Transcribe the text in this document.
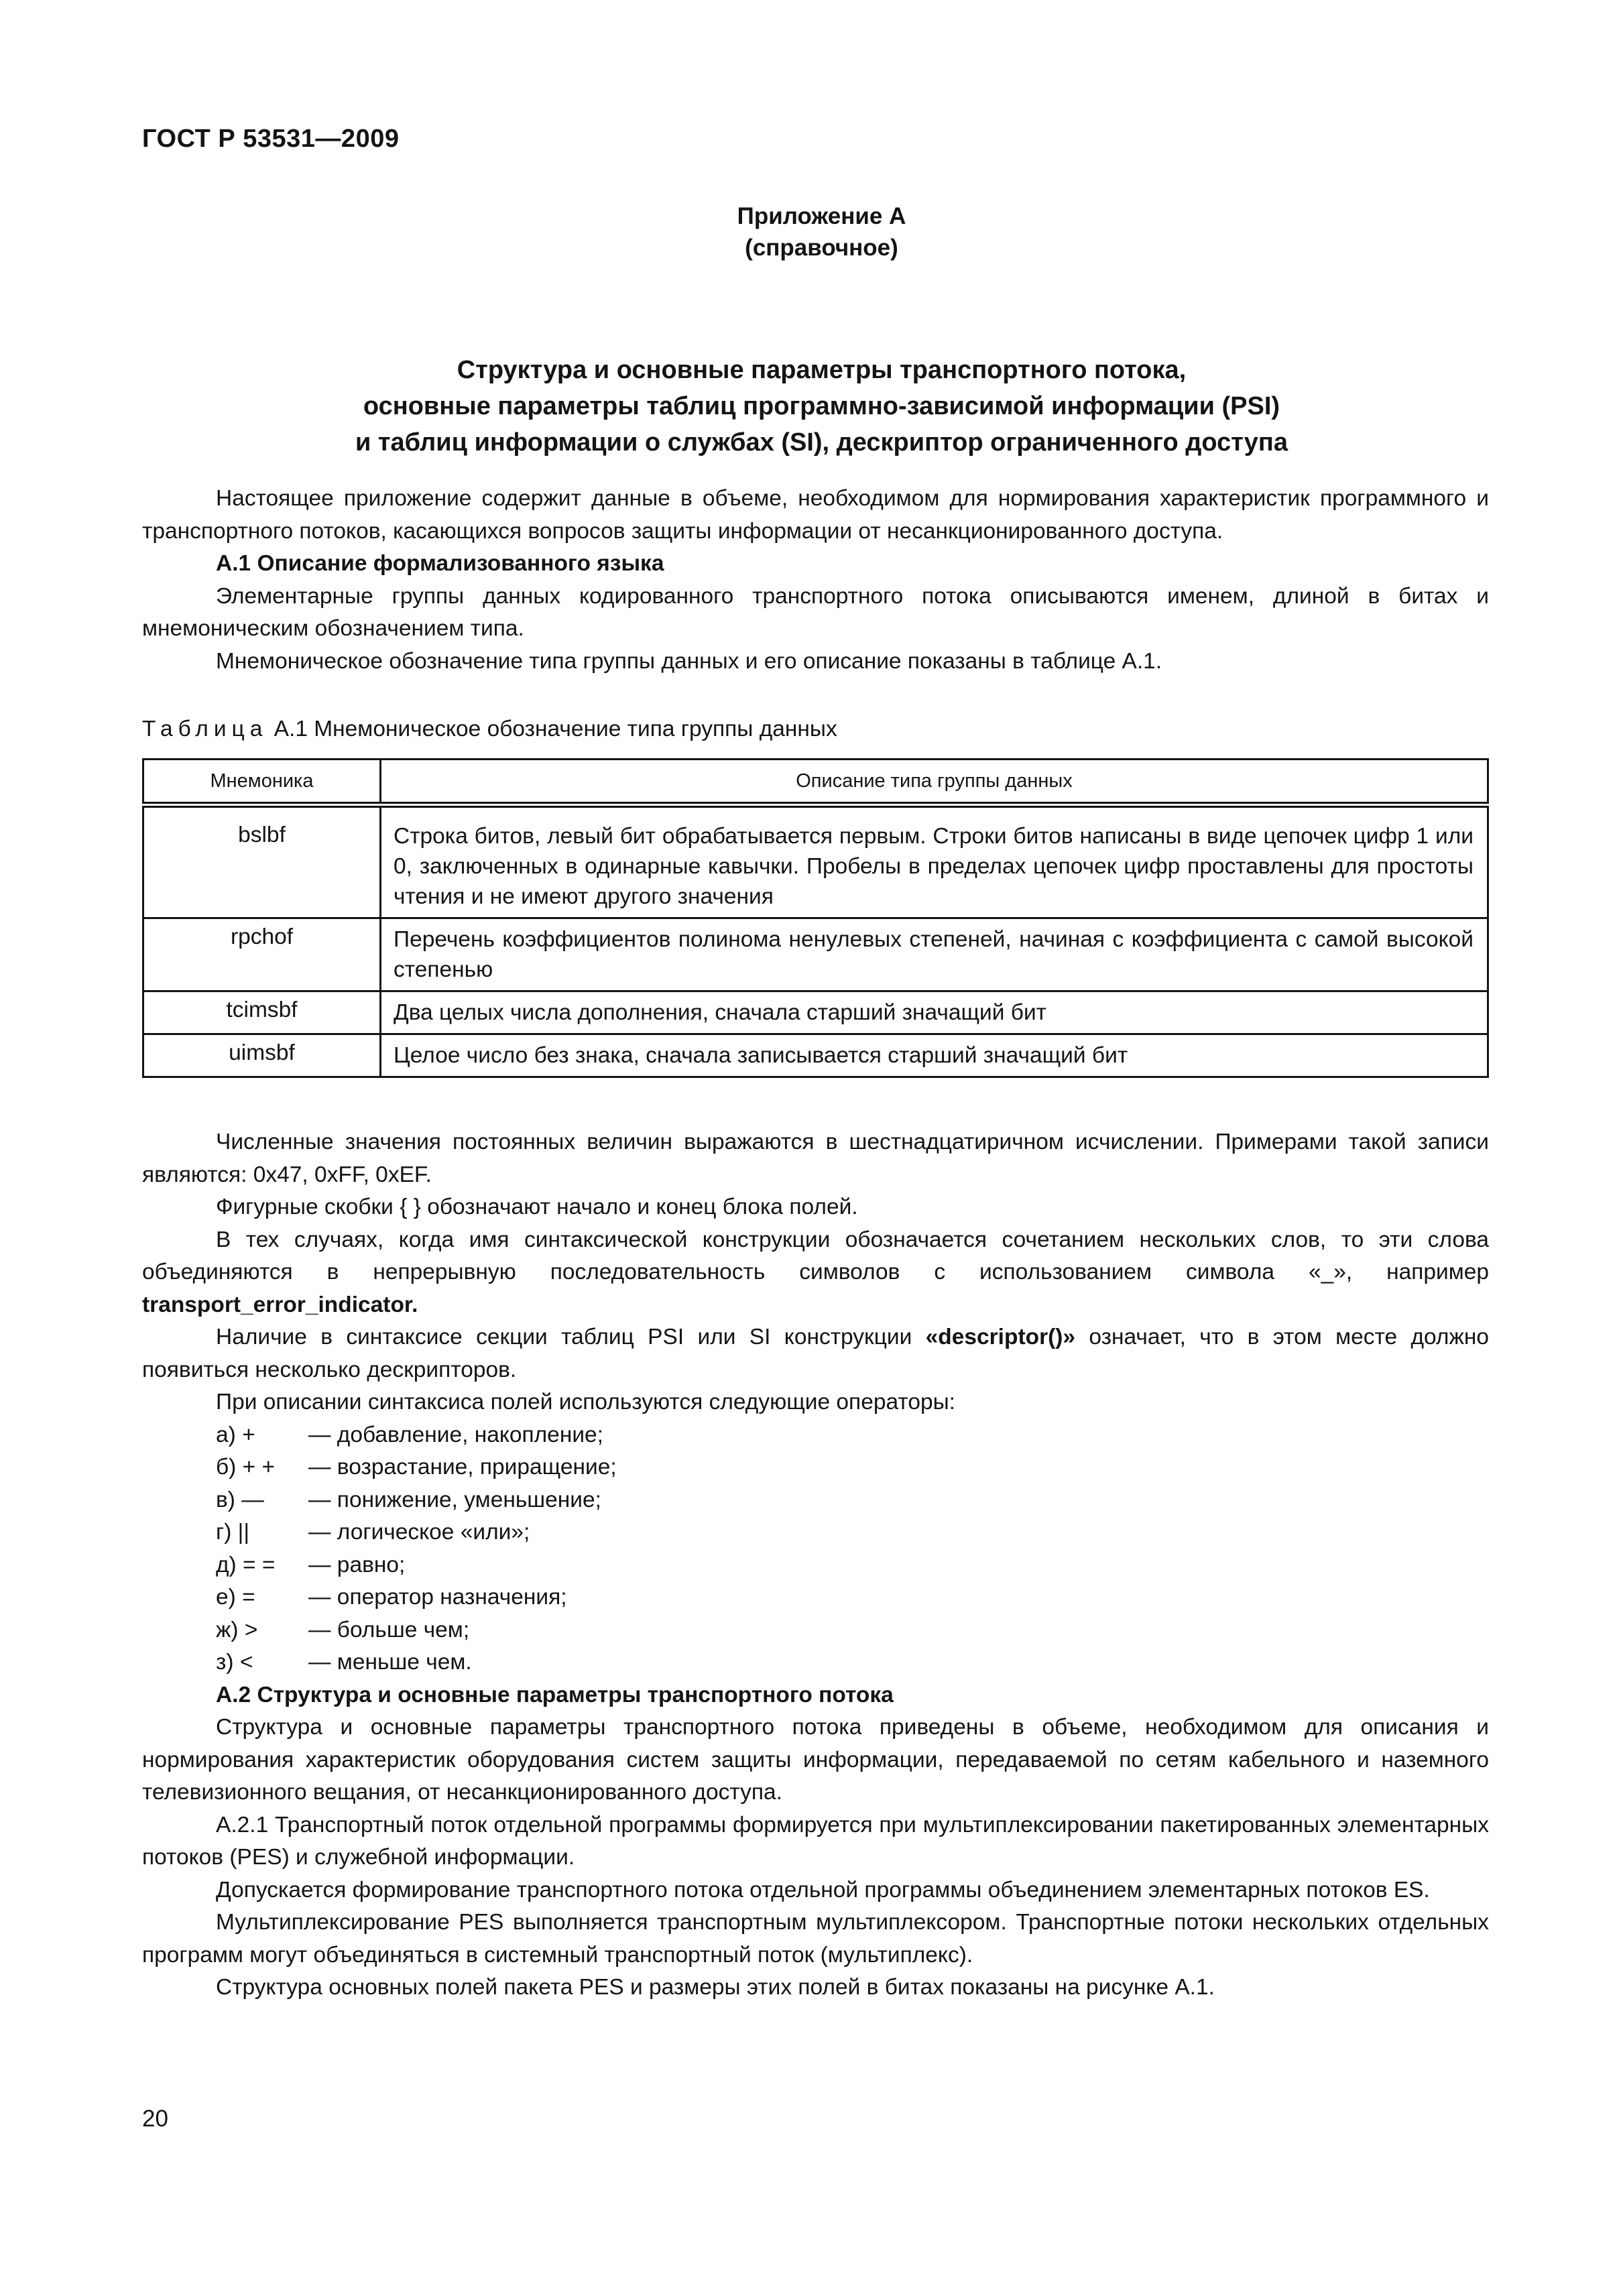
ГОСТ Р 53531—2009
Приложение А
(справочное)
Структура и основные параметры транспортного потока,
основные параметры таблиц программно-зависимой информации (PSI)
и таблиц информации о службах (SI), дескриптор ограниченного доступа

Настоящее приложение содержит данные в объеме, необходимом для нормирования характеристик программного и транспортного потоков, касающихся вопросов защиты информации от несанкционированного доступа.

А.1 Описание формализованного языка

Элементарные группы данных кодированного транспортного потока описываются именем, длиной в битах и мнемоническим обозначением типа.

Мнемоническое обозначение типа группы данных и его описание показаны в таблице А.1.

Таблица А.1 Мнемоническое обозначение типа группы данных
Мнемоника	Описание типа группы данных
bslbf	Строка битов, левый бит обрабатывается первым. Строки битов написаны в виде цепочек цифр 1 или 0, заключенных в одинарные кавычки. Пробелы в пределах цепочек цифр проставлены для простоты чтения и не имеют другого значения
rpchof	Перечень коэффициентов полинома ненулевых степеней, начиная с коэффициента с самой высокой степенью
tcimsbf	Два целых числа дополнения, сначала старший значащий бит
uimsbf	Целое число без знака, сначала записывается старший значащий бит

Численные значения постоянных величин выражаются в шестнадцатиричном исчислении. Примерами такой записи являются: 0х47, 0xFF, 0xEF.

Фигурные скобки { } обозначают начало и конец блока полей.

В тех случаях, когда имя синтаксической конструкции обозначается сочетанием нескольких слов, то эти слова объединяются в непрерывную последовательность символов с использованием символа «_», например transport_error_indicator.

Наличие в синтаксисе секции таблиц PSI или SI конструкции «descriptor()» означает, что в этом месте должно появиться несколько дескрипторов.

При описании синтаксиса полей используются следующие операторы:

а) +	— добавление, накопление;
б) + +	— возрастание, приращение;
в) —	— понижение, уменьшение;
г) ||	— логическое «или»;
д) = =	— равно;
е) =	— оператор назначения;
ж) >	— больше чем;
з) <	— меньше чем.

А.2 Структура и основные параметры транспортного потока

Структура и основные параметры транспортного потока приведены в объеме, необходимом для описания и нормирования характеристик оборудования систем защиты информации, передаваемой по сетям кабельного и наземного телевизионного вещания, от несанкционированного доступа.

А.2.1 Транспортный поток отдельной программы формируется при мультиплексировании пакетированных элементарных потоков (PES) и служебной информации.

Допускается формирование транспортного потока отдельной программы объединением элементарных потоков ES.

Мультиплексирование PES выполняется транспортным мультиплексором. Транспортные потоки нескольких отдельных программ могут объединяться в системный транспортный поток (мультиплекс).

Структура основных полей пакета PES и размеры этих полей в битах показаны на рисунке А.1.

20
